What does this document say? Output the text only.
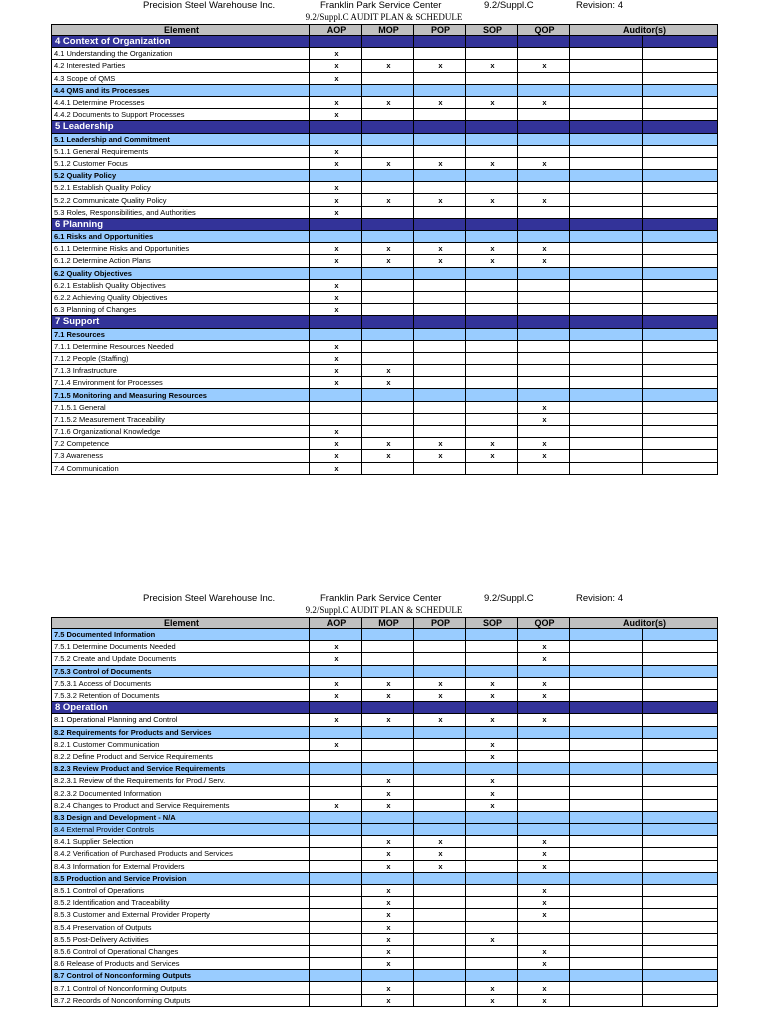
Precision Steel Warehouse Inc.	Franklin Park Service Center	9.2/Suppl.C	Revision: 4
9.2/Suppl.C AUDIT PLAN & SCHEDULE
Element	AOP	MOP	POP	SOP	QOP	Auditor(s)	
4 Context of Organization							
4.1 Understanding the Organization	x						
4.2 Interested Parties	x	x	x	x	x		
4.3 Scope of QMS	x						
4.4 QMS and its Processes							
4.4.1 Determine Processes	x	x	x	x	x		
4.4.2 Documents to Support Processes	x						
5 Leadership							
5.1 Leadership and Commitment							
5.1.1 General Requirements	x						
5.1.2 Customer Focus	x	x	x	x	x		
5.2 Quality Policy							
5.2.1 Establish Quality Policy	x						
5.2.2 Communicate Quality Policy	x	x	x	x	x		
5.3 Roles, Responsibilities, and Authorities	x						
6 Planning							
6.1 Risks and Opportunities							
6.1.1 Determine Risks and Opportunities	x	x	x	x	x		
6.1.2 Determine Action Plans	x	x	x	x	x		
6.2 Quality Objectives							
6.2.1 Establish Quality Objectives	x						
6.2.2 Achieving Quality Objectives	x						
6.3 Planning of Changes	x						
7 Support							
7.1 Resources							
7.1.1 Determine Resources Needed	x						
7.1.2 People (Staffing)	x						
7.1.3 Infrastructure	x	x					
7.1.4 Environment for Processes	x	x					
7.1.5 Monitoring and Measuring Resources							
7.1.5.1 General					x		
7.1.5.2 Measurement Traceability					x		
7.1.6 Organizational Knowledge	x						
7.2 Competence	x	x	x	x	x		
7.3 Awareness	x	x	x	x	x		
7.4 Communication	x						
Precision Steel Warehouse Inc.	Franklin Park Service Center	9.2/Suppl.C	Revision: 4
9.2/Suppl.C AUDIT PLAN & SCHEDULE
Element	AOP	MOP	POP	SOP	QOP	Auditor(s)	
7.5 Documented Information							
7.5.1 Determine Documents Needed	x				x		
7.5.2 Create and Update Documents	x				x		
7.5.3 Control of Documents							
7.5.3.1 Access of Documents	x	x	x	x	x		
7.5.3.2 Retention of Documents	x	x	x	x	x		
8 Operation							
8.1 Operational Planning and Control	x	x	x	x	x		
8.2 Requirements for Products and Services							
8.2.1 Customer Communication	x			x			
8.2.2 Define Product and Service Requirements				x			
8.2.3 Review Product and Service Requirements							
8.2.3.1 Review of the Requirements for Prod./ Serv.		x		x			
8.2.3.2 Documented Information		x		x			
8.2.4 Changes to Product and Service Requirements	x	x		x			
8.3 Design and Development - N/A							
8.4 External Provider Controls							
8.4.1 Supplier Selection		x	x		x		
8.4.2 Verification of Purchased Products and Services		x	x		x		
8.4.3 Information for External Providers		x	x		x		
8.5 Production and Service Provision							
8.5.1 Control of Operations		x			x		
8.5.2 Identification and Traceability		x			x		
8.5.3 Customer and External Provider Property		x			x		
8.5.4 Preservation of Outputs		x					
8.5.5 Post-Delivery Activities		x		x			
8.5.6 Control of Operational Changes		x			x		
8.6 Release of Products and Services		x			x		
8.7 Control of Nonconforming Outputs							
8.7.1 Control of Nonconforming Outputs		x		x	x		
8.7.2 Records of Nonconforming Outputs		x		x	x		
